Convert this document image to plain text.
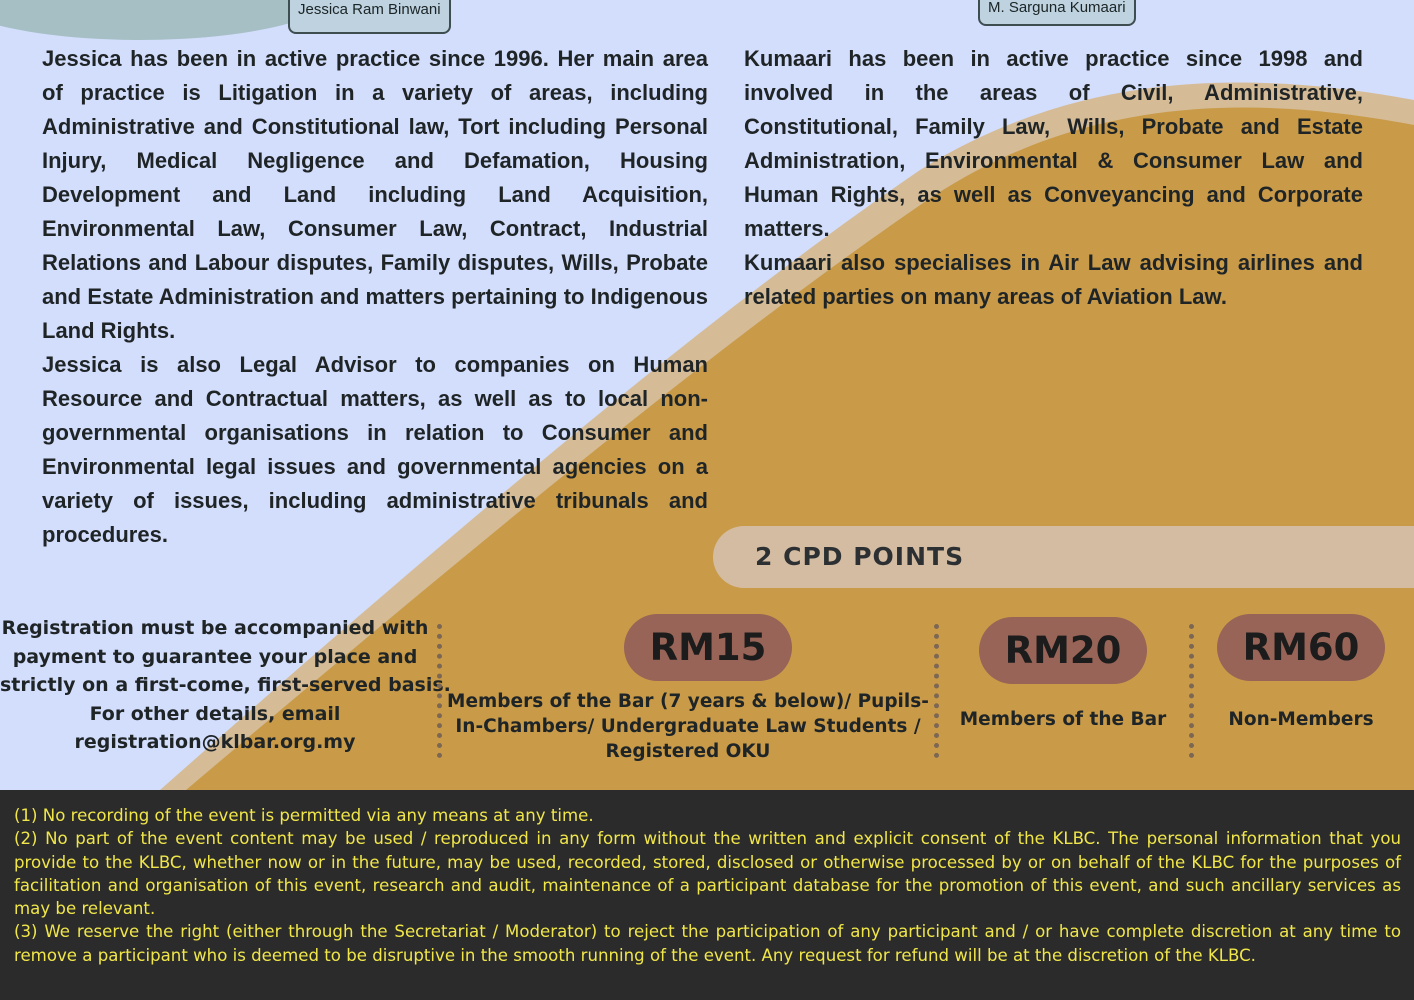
Jessica Ram Binwani	M. Sarguna Kumaari

Jessica has been in active practice since 1996. Her main area of practice is Litigation in a variety of areas, including Administrative and Constitutional law, Tort including Personal Injury, Medical Negligence and Defamation, Housing Development and Land including Land Acquisition, Environmental Law, Consumer Law, Contract, Industrial Relations and Labour disputes, Family disputes, Wills, Probate and Estate Administration and matters pertaining to Indigenous Land Rights.

Jessica is also Legal Advisor to companies on Human Resource and Contractual matters, as well as to local non-governmental organisations in relation to Consumer and Environmental legal issues and governmental agencies on a variety of issues, including administrative tribunals and procedures.

Kumaari has been in active practice since 1998 and involved in the areas of Civil, Administrative, Constitutional, Family Law, Wills, Probate and Estate Administration, Environmental & Consumer Law and Human Rights, as well as Conveyancing and Corporate matters.

Kumaari also specialises in Air Law advising airlines and related parties on many areas of Aviation Law.

2 CPD POINTS
Registration must be accompanied with
payment to guarantee your place and
strictly on a first-come, first-served basis.
For other details, email
registration@klbar.org.my
RM15
Members of the Bar (7 years & below)/ Pupils-
In-Chambers/ Undergraduate Law Students /
Registered OKU
RM20
Members of the Bar
RM60
Non-Members

(1) No recording of the event is permitted via any means at any time.

(2) No part of the event content may be used / reproduced in any form without the written and explicit consent of the KLBC. The personal information that you provide to the KLBC, whether now or in the future, may be used, recorded, stored, disclosed or otherwise processed by or on behalf of the KLBC for the purposes of facilitation and organisation of this event, research and audit, maintenance of a participant database for the promotion of this event, and such ancillary services as may be relevant.

(3) We reserve the right (either through the Secretariat / Moderator) to reject the participation of any participant and / or have complete discretion at any time to remove a participant who is deemed to be disruptive in the smooth running of the event. Any request for refund will be at the discretion of the KLBC.
